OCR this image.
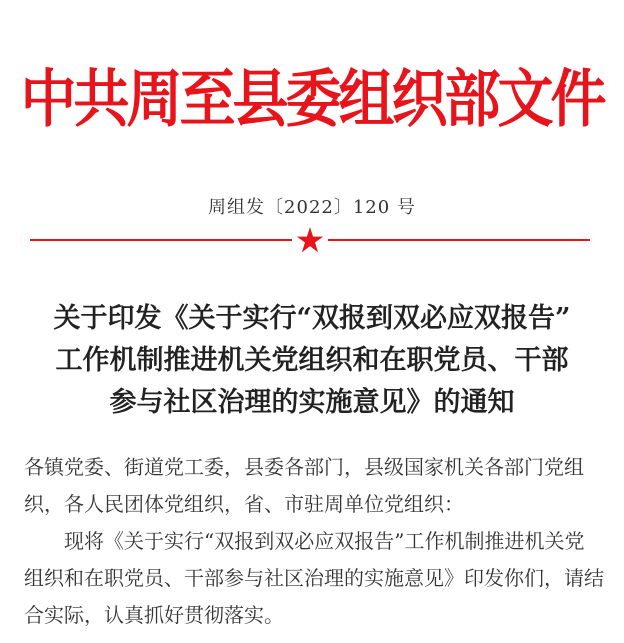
中共周至县委组织部文件
周组发〔2022〕120 号
关于印发《关于实行“双报到双必应双报告”
工作机制推进机关党组织和在职党员、干部
参与社区治理的实施意见》的通知

各镇党委、街道党工委，县委各部门，县级国家机关各部门党组织，各人民团体党组织，省、市驻周单位党组织：

现将《关于实行“双报到双必应双报告”工作机制推进机关党组织和在职党员、干部参与社区治理的实施意见》印发你们，请结合实际，认真抓好贯彻落实。
